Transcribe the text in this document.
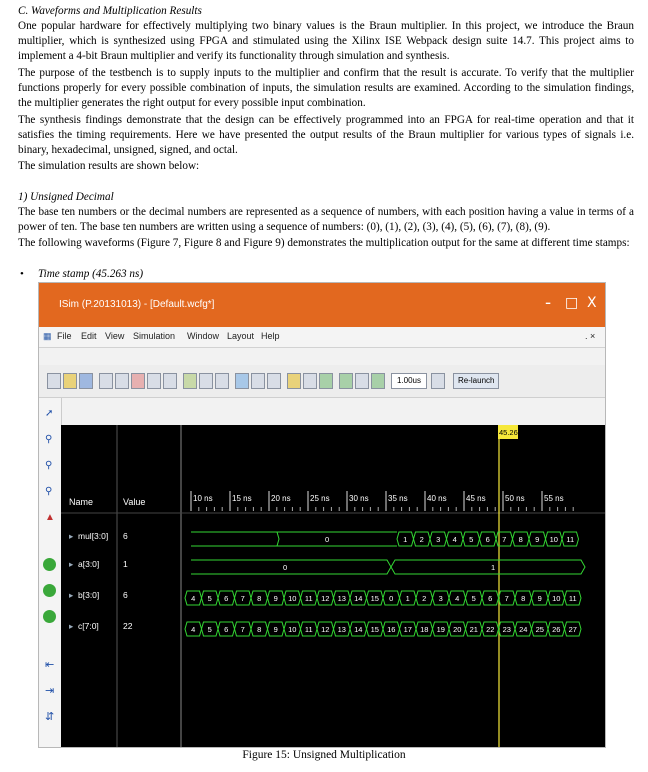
C. Waveforms and Multiplication Results
One popular hardware for effectively multiplying two binary values is the Braun multiplier. In this project, we introduce the Braun multiplier, which is synthesized using FPGA and stimulated using the Xilinx ISE Webpack design suite 14.7. This project aims to implement a 4-bit Braun multiplier and verify its functionality through simulation and synthesis.
The purpose of the testbench is to supply inputs to the multiplier and confirm that the result is accurate. To verify that the multiplier functions properly for every possible combination of inputs, the simulation results are examined. According to the simulation findings, the multiplier generates the right output for every possible input combination.
The synthesis findings demonstrate that the design can be effectively programmed into an FPGA for real-time operation and that it satisfies the timing requirements. Here we have presented the output results of the Braun multiplier for various types of signals i.e. binary, hexadecimal, unsigned, signed, and octal.
The simulation results are shown below:
1) Unsigned Decimal
The base ten numbers or the decimal numbers are represented as a sequence of numbers, with each position having a value in terms of a power of ten. The base ten numbers are written using a sequence of numbers: (0), (1), (2), (3), (4), (5), (6), (7), (8), (9).
The following waveforms (Figure 7, Figure 8 and Figure 9) demonstrates the multiplication output for the same at different time stamps:
• Time stamp (45.263 ns)
ISim (P.20131013) - [Default.wcfg*]	- □ X
▦ File Edit View Simulation Window Layout Help	. ×
1.00us	Re-launch
➚
⚲
⚲
⚲
▲
⇤
⇥
⇵
10 ns 15 ns 20 ns 25 ns 30 ns 35 ns 40 ns 45 ns 50 ns 55 ns
45.263 ns
0	1 2 3 4 5 6 7 8 9 10 11
0	1
4 5 6 7 8 9 10 11 12 13 14 15 0 1 2 3 4 5 6 7 8 9 10 11
4 5 6 7 8 9 10 11 12 13 14 15 16 17 18 19 20 21 22 23 24 25 26 27
Name	Value
▸ mul[3:0] 6
▸ a[3:0]	1
▸ b[3:0]	6
▸ c[7:0]	22
Figure 15: Unsigned Multiplication
